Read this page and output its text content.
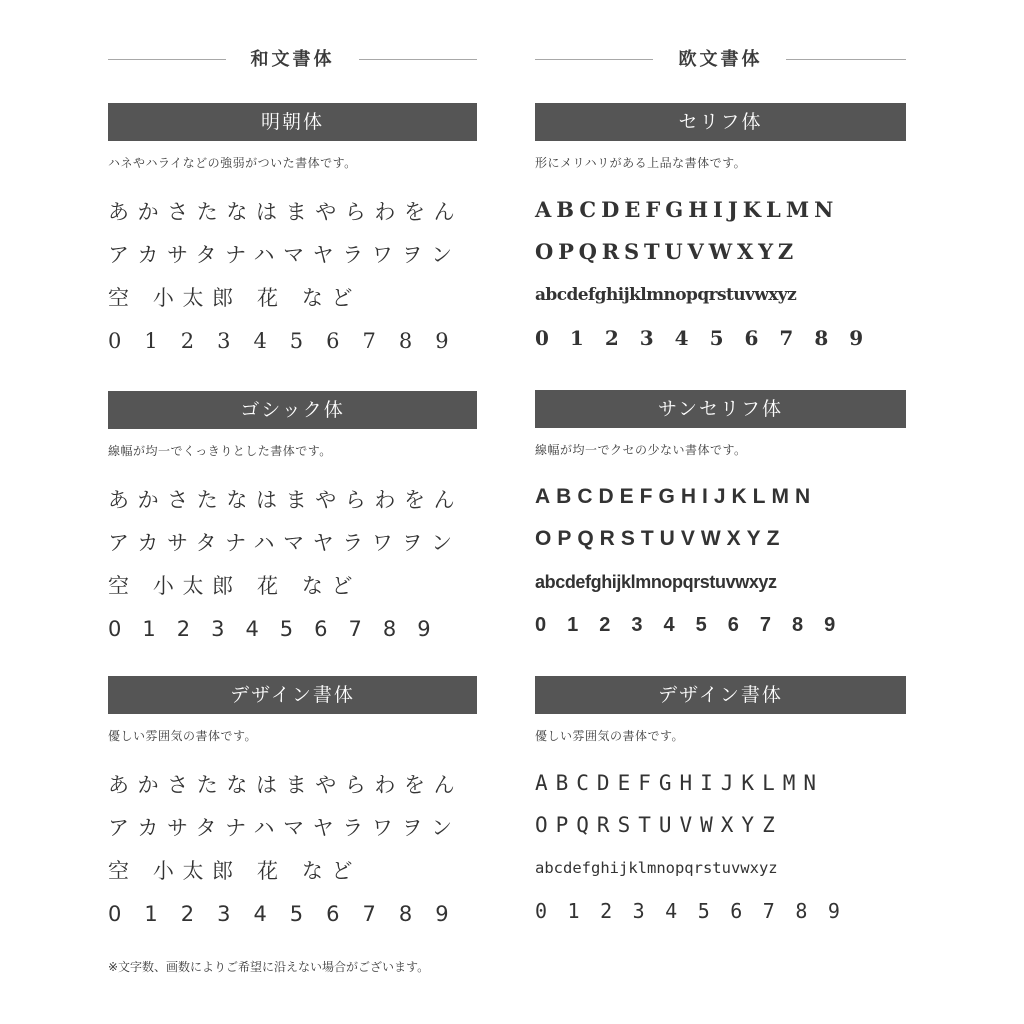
和文書体
明朝体
ハネやハライなどの強弱がついた書体です。
あかさたなはまやらわをん
アカサタナハマヤラワヲン
空 小太郎 花 など
0123456789
ゴシック体
線幅が均一でくっきりとした書体です。
あかさたなはまやらわをん
アカサタナハマヤラワヲン
空 小太郎 花 など
0123456789
デザイン書体
優しい雰囲気の書体です。
あかさたなはまやらわをん
アカサタナハマヤラワヲン
空 小太郎 花 など
0123456789
欧文書体
セリフ体
形にメリハリがある上品な書体です。
ABCDEFGHIJKLMN
OPQRSTUVWXYZ
abcdefghijklmnopqrstuvwxyz
0123456789
サンセリフ体
線幅が均一でクセの少ない書体です。
ABCDEFGHIJKLMN
OPQRSTUVWXYZ
abcdefghijklmnopqrstuvwxyz
0123456789
デザイン書体
優しい雰囲気の書体です。
ABCDEFGHIJKLMN
OPQRSTUVWXYZ
abcdefghijklmnopqrstuvwxyz
0123456789
※文字数、画数によりご希望に沿えない場合がございます。
